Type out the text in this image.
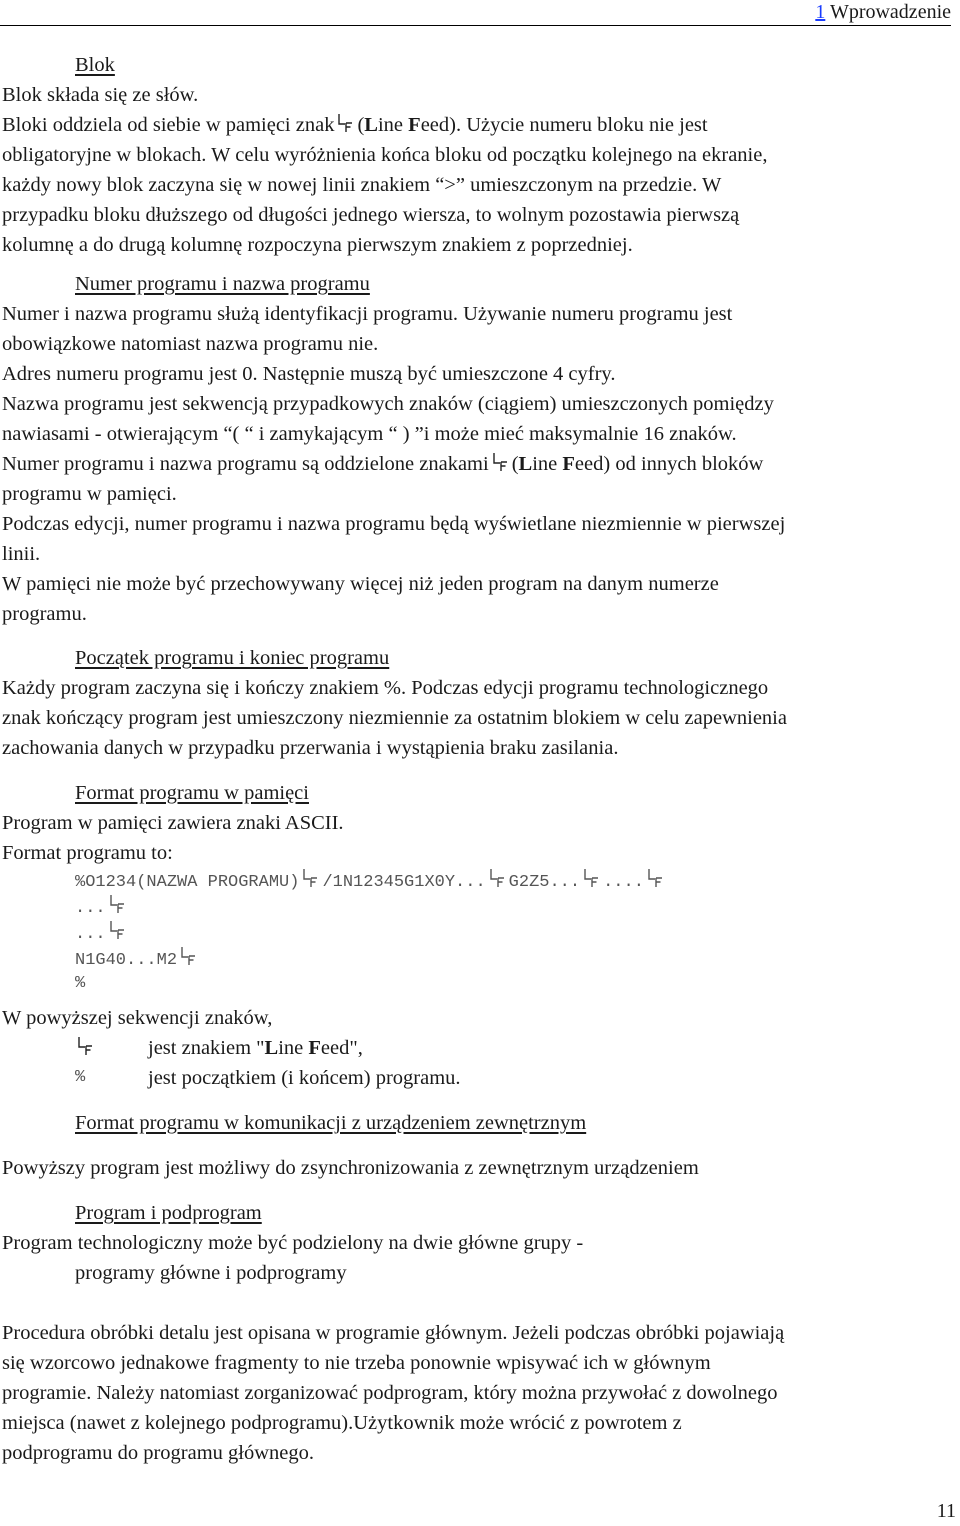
1 Wprowadzenie
Blok

Blok składa się ze słów.

Bloki oddziela od siebie w pamięci znak (Line Feed). Użycie numeru bloku nie jest

obligatoryjne w blokach. W celu wyróżnienia końca bloku od początku kolejnego na ekranie,

każdy nowy blok zaczyna się w nowej linii znakiem “>” umieszczonym na przedzie. W

przypadku bloku dłuższego od długości jednego wiersza, to wolnym pozostawia pierwszą

kolumnę a do drugą kolumnę rozpoczyna pierwszym znakiem z poprzedniej.

Numer programu i nazwa programu

Numer i nazwa programu służą identyfikacji programu. Używanie numeru programu jest

obowiązkowe natomiast nazwa programu nie.

Adres numeru programu jest 0. Następnie muszą być umieszczone 4 cyfry.

Nazwa programu jest sekwencją przypadkowych znaków (ciągiem) umieszczonych pomiędzy

nawiasami - otwierającym “( “ i zamykającym “ ) ”i może mieć maksymalnie 16 znaków.

Numer programu i nazwa programu są oddzielone znakami (Line Feed) od innych bloków

programu w pamięci.

Podczas edycji, numer programu i nazwa programu będą wyświetlane niezmiennie w pierwszej

linii.

W pamięci nie może być przechowywany więcej niż jeden program na danym numerze

programu.

Początek programu i koniec programu

Każdy program zaczyna się i kończy znakiem %. Podczas edycji programu technologicznego

znak kończący program jest umieszczony niezmiennie za ostatnim blokiem w celu zapewnienia

zachowania danych w przypadku przerwania i wystąpienia braku zasilania.

Format programu w pamięci

Program w pamięci zawiera znaki ASCII.

Format programu to:

%O1234(NAZWA PROGRAMU) /1N12345G1X0Y... G2Z5... ....
...
...
N1G40...M2
%

W powyższej sekwencji znaków,

jest znakiem "Line Feed",
%	jest początkiem (i końcem) programu.
Format programu w komunikacji z urządzeniem zewnętrznym

Powyższy program jest możliwy do zsynchronizowania z zewnętrznym urządzeniem

Program i podprogram

Program technologiczny może być podzielony na dwie główne grupy -

programy główne i podprogramy

Procedura obróbki detalu jest opisana w programie głównym. Jeżeli podczas obróbki pojawiają

się wzorcowo jednakowe fragmenty to nie trzeba ponownie wpisywać ich w głównym

programie. Należy natomiast zorganizować podprogram, który można przywołać z dowolnego

miejsca (nawet z kolejnego podprogramu).Użytkownik może wrócić z powrotem z

podprogramu do programu głównego.

11
